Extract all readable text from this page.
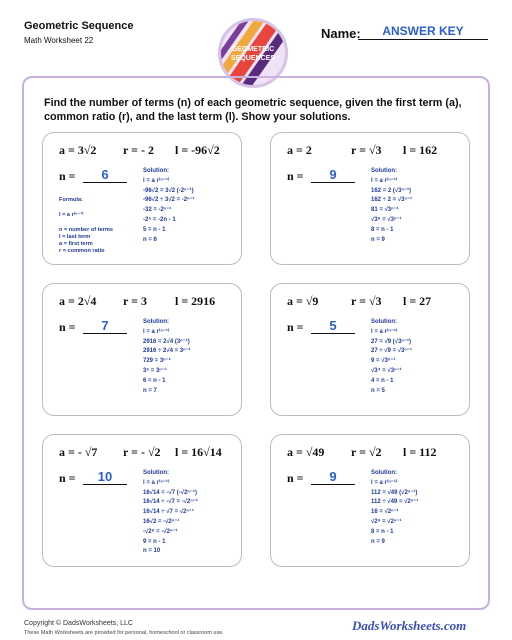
Geometric Sequence
Math Worksheet 22
GEOMETRIC
SEQUENCES
Name:	ANSWER KEY
Find the number of terms (n) of each geometric sequence, given the first term (a), common ratio (r), and the last term (l). Show your solutions.
a = 3√2 r = - 2 l = -96√2
n =	6
Formula:
l = a r⁽ⁿ⁻¹⁾
n = number of terms
l = last term
a = first term
r = common ratio
Solution:
l = a r⁽ⁿ⁻¹⁾
-96√2 = 3√2 (-2ⁿ⁻¹)
-96√2 ÷ 3√2 = -2ⁿ⁻¹
-32 = -2ⁿ⁻¹
-2⁵ = -2n - 1
5 = n - 1
n = 6
a = 2	r = √3 l = 162
n =	9	Solution:
l = a r⁽ⁿ⁻¹⁾
162 = 2 (√3ⁿ⁻¹)
162 ÷ 2 = √3ⁿ⁻¹
81 = √3ⁿ⁻¹
√3⁸ = √3ⁿ⁻¹
8 = n - 1
n = 9
a = 2√4 r = 3 l = 2916
n =	7	Solution:
l = a r⁽ⁿ⁻¹⁾
2916 = 2√4 (3ⁿ⁻¹)
2916 ÷ 2√4 = 3ⁿ⁻¹
729 = 3ⁿ⁻¹
3⁶ = 3ⁿ⁻¹
6 = n - 1
n = 7
a = √9	r = √3 l = 27
n =	5	Solution:
l = a r⁽ⁿ⁻¹⁾
27 = √9 (√3ⁿ⁻¹)
27 ÷ √9 = √3ⁿ⁻¹
9 = √3ⁿ⁻¹
√3⁴ = √3ⁿ⁻¹
4 = n - 1
n = 5
a = - √7 r = - √2 l = 16√14
n =	10	Solution:
l = a r⁽ⁿ⁻¹⁾
16√14 = -√7 (-√2ⁿ⁻¹)
16√14 ÷ -√7 = -√2ⁿ⁻¹
16√14 ÷ √7 = √2ⁿ⁻¹
16√2 = -√2ⁿ⁻¹
-√2⁹ = -√2ⁿ⁻¹
9 = n - 1
n = 10
a = √49 r = √2 l = 112
n =	9	Solution:
l = a r⁽ⁿ⁻¹⁾
112 = √49 (√2ⁿ⁻¹)
112 ÷ √49 = √2ⁿ⁻¹
16 = √2ⁿ⁻¹
√2⁸ = √2ⁿ⁻¹
8 = n - 1
n = 9
Copyright © DadsWorksheets, LLC
These Math Worksheets are provided for personal, homeschool or classroom use.	DadsWorksheets.com
